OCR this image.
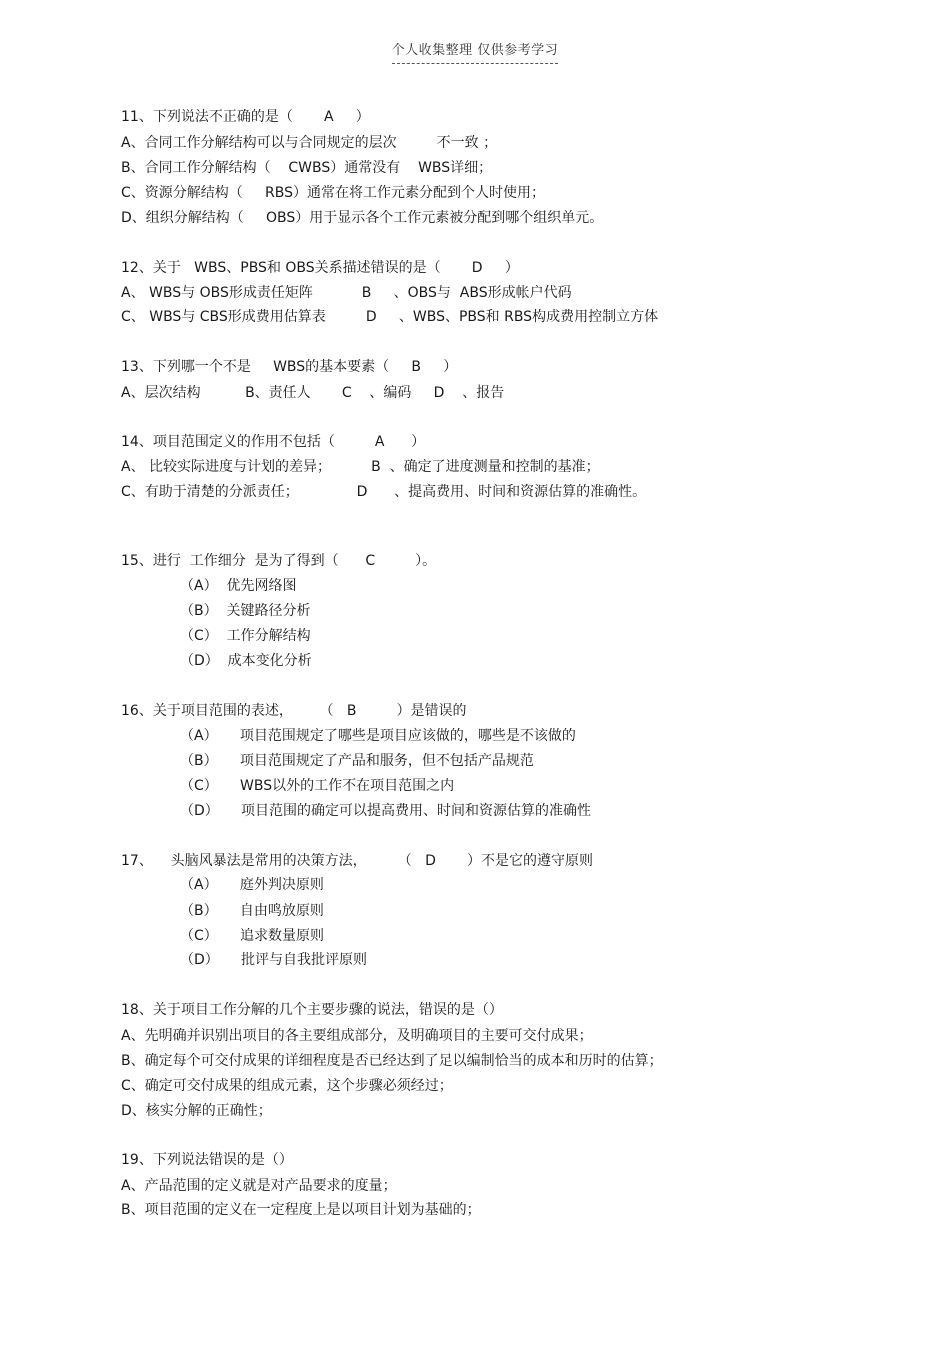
个人收集整理 仅供参考学习

11、下列说法不正确的是（       A     ）

A、合同工作分解结构可以与合同规定的层次         不一致 ；

B、合同工作分解结构（    CWBS）通常没有    WBS详细；

C、资源分解结构（     RBS）通常在将工作元素分配到个人时使用；

D、组织分解结构（     OBS）用于显示各个工作元素被分配到哪个组织单元。

12、关于   WBS、PBS和 OBS关系描述错误的是（       D     ）

A、 WBS与 OBS形成责任矩阵           B     、OBS与  ABS形成帐户代码

C、 WBS与 CBS形成费用估算表         D     、WBS、PBS和 RBS构成费用控制立方体

13、下列哪一个不是     WBS的基本要素（     B     ）

A、层次结构          B、责任人       C    、编码     D    、报告

14、项目范围定义的作用不包括（         A      ）

A、 比较实际进度与计划的差异；         B  、确定了进度测量和控制的基准；

C、有助于清楚的分派责任；             D      、提高费用、时间和资源估算的准确性。

15、进行  工作细分  是为了得到（      C         ）。

（A）  优先网络图

（B）  关键路径分析

（C）  工作分解结构

（D）  成本变化分析

16、关于项目范围的表述，      （   B         ）是错误的

（A）     项目范围规定了哪些是项目应该做的，哪些是不该做的

（B）     项目范围规定了产品和服务，但不包括产品规范

（C）     WBS以外的工作不在项目范围之内

（D）     项目范围的确定可以提高费用、时间和资源估算的准确性

17、    头脑风暴法是常用的决策方法，       （   D       ）不是它的遵守原则

（A）     庭外判决原则

（B）     自由鸣放原则

（C）     追求数量原则

（D）     批评与自我批评原则

18、关于项目工作分解的几个主要步骤的说法，错误的是（）

A、先明确并识别出项目的各主要组成部分，及明确项目的主要可交付成果；

B、确定每个可交付成果的详细程度是否已经达到了足以编制恰当的成本和历时的估算；

C、确定可交付成果的组成元素，这个步骤必须经过；

D、核实分解的正确性；

19、下列说法错误的是（）

A、产品范围的定义就是对产品要求的度量；

B、项目范围的定义在一定程度上是以项目计划为基础的；
